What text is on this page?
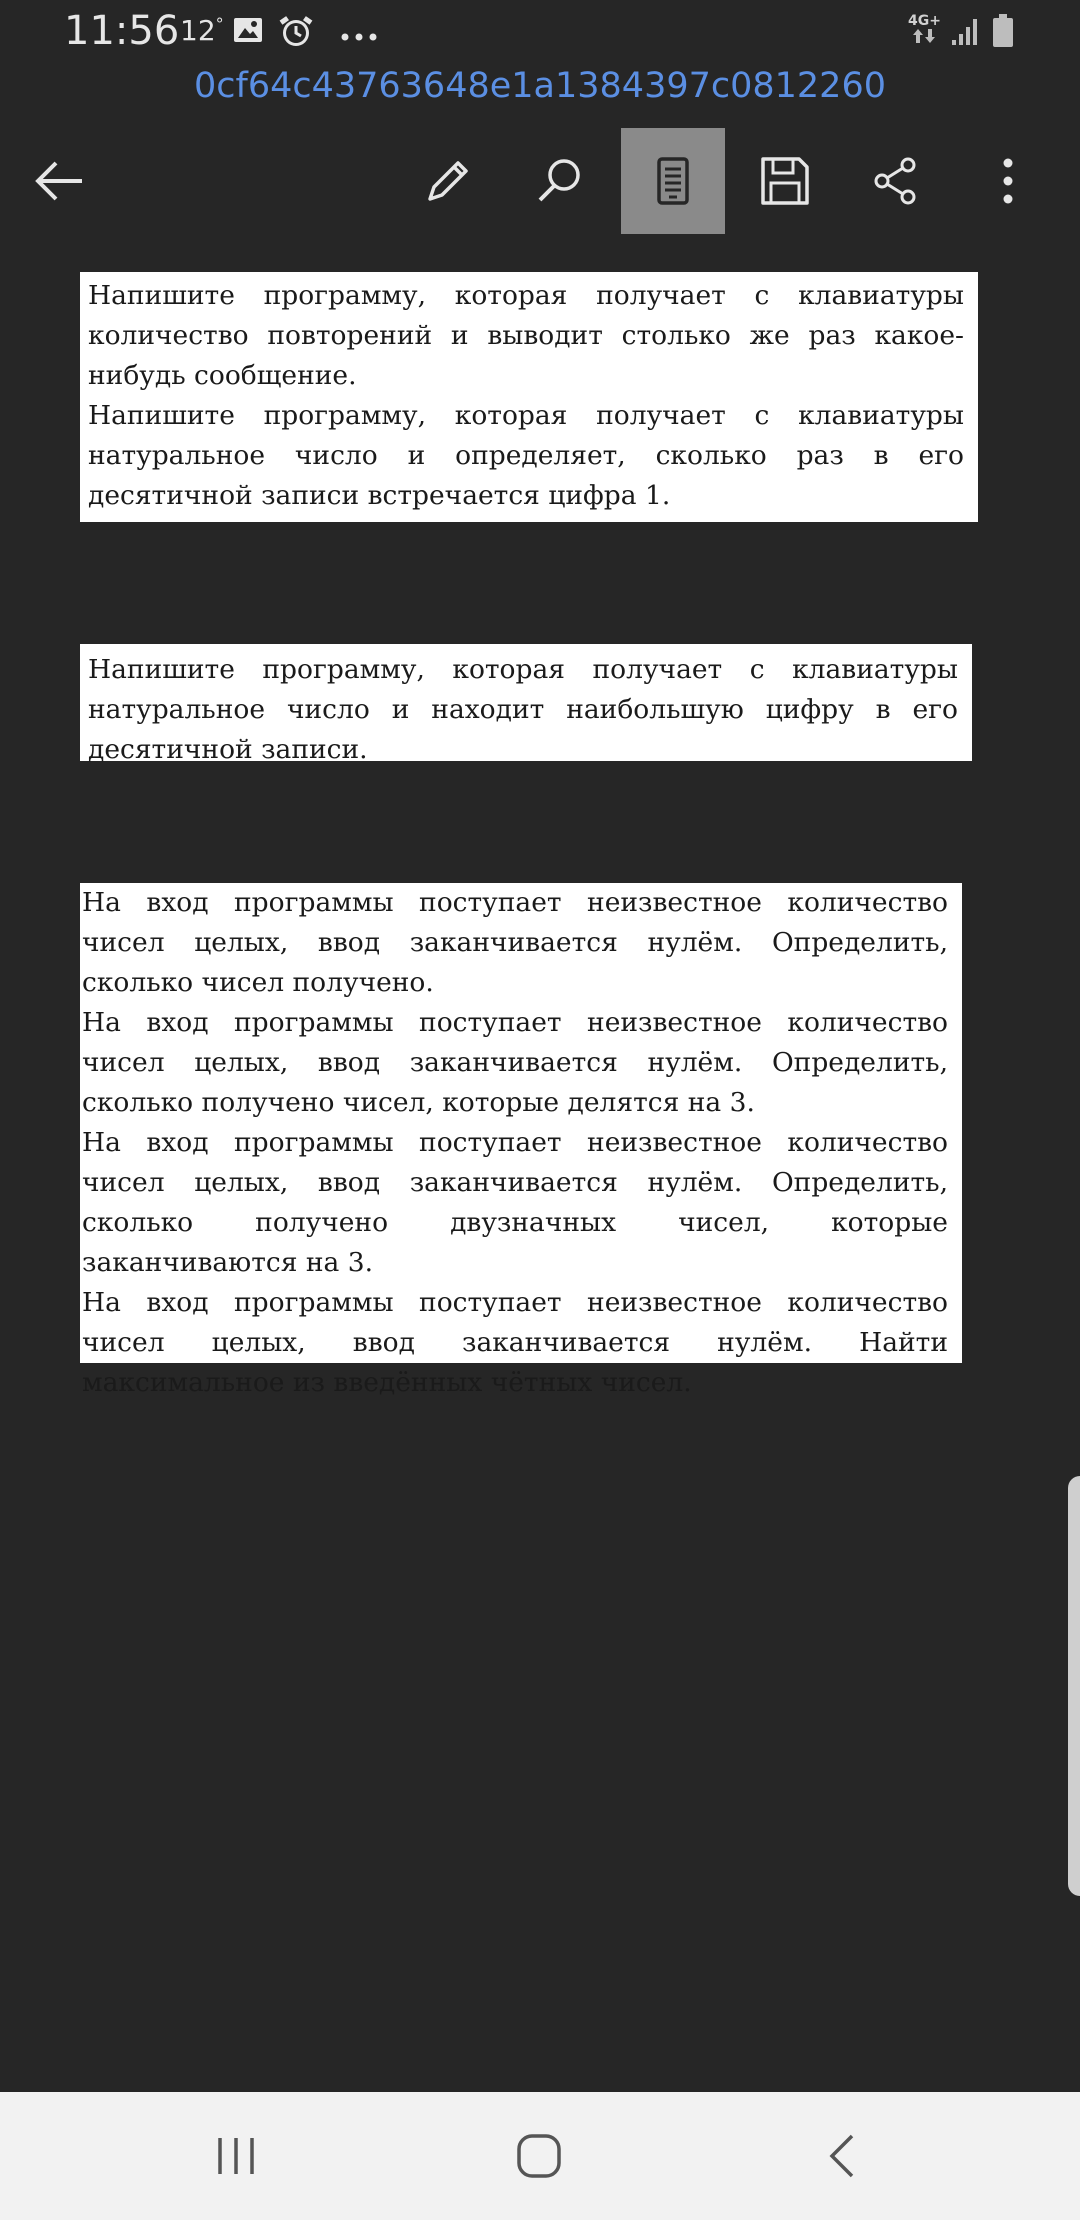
11:56 12°	4G+
0cf64c43763648e1a1384397c0812260

Напишите программу, которая получает с клавиатуры количество повторений и выводит столько же раз какое-нибудь сообщение.

Напишите программу, которая получает с клавиатуры натуральное число и определяет, сколько раз в его десятичной записи встречается цифра 1.

Напишите программу, которая получает с клавиатуры натуральное число и находит наибольшую цифру в его десятичной записи.

На вход программы поступает неизвестное количество чисел целых, ввод заканчивается нулём. Определить, сколько чисел получено.

На вход программы поступает неизвестное количество чисел целых, ввод заканчивается нулём. Определить, сколько получено чисел, которые делятся на 3.

На вход программы поступает неизвестное количество чисел целых, ввод заканчивается нулём. Определить, сколько получено двузначных чисел, которые заканчиваются на 3.

На вход программы поступает неизвестное количество чисел целых, ввод заканчивается нулём. Найти максимальное из введённых чётных чисел.
